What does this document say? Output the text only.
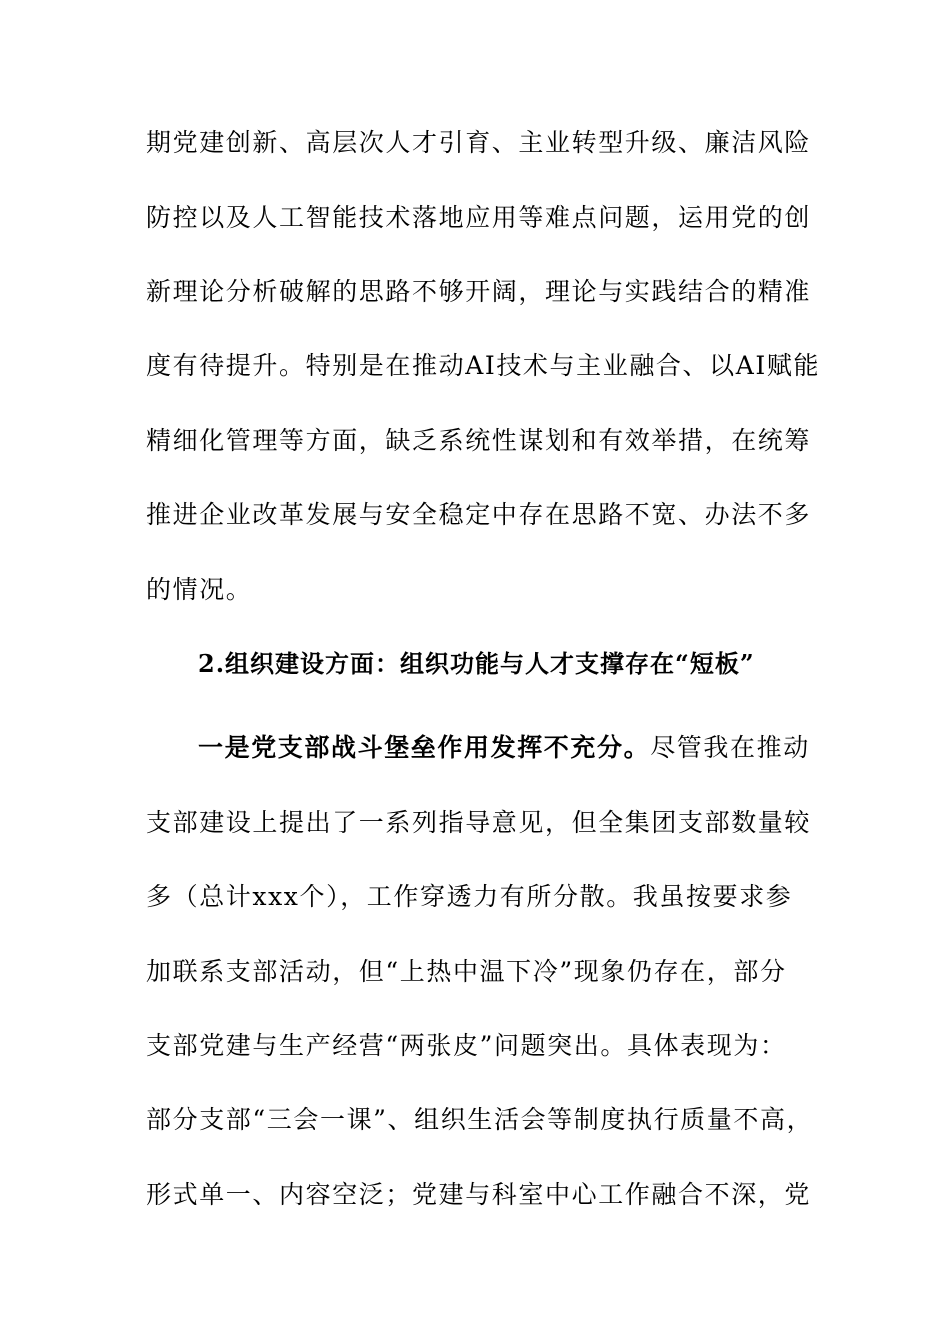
期党建创新、高层次人才引育、主业转型升级、廉洁风险
防控以及人工智能技术落地应用等难点问题，运用党的创
新理论分析破解的思路不够开阔，理论与实践结合的精准
度有待提升。特别是在推动AI技术与主业融合、以AI赋能
精细化管理等方面，缺乏系统性谋划和有效举措，在统筹
推进企业改革发展与安全稳定中存在思路不宽、办法不多
的情况。
2.组织建设方面：组织功能与人才支撑存在“短板”
一是党支部战斗堡垒作用发挥不充分。尽管我在推动
支部建设上提出了一系列指导意见，但全集团支部数量较
多（总计xxx个），工作穿透力有所分散。我虽按要求参
加联系支部活动，但“上热中温下冷”现象仍存在，部分
支部党建与生产经营“两张皮”问题突出。具体表现为：
部分支部“三会一课”、组织生活会等制度执行质量不高，
形式单一、内容空泛；党建与科室中心工作融合不深，党
